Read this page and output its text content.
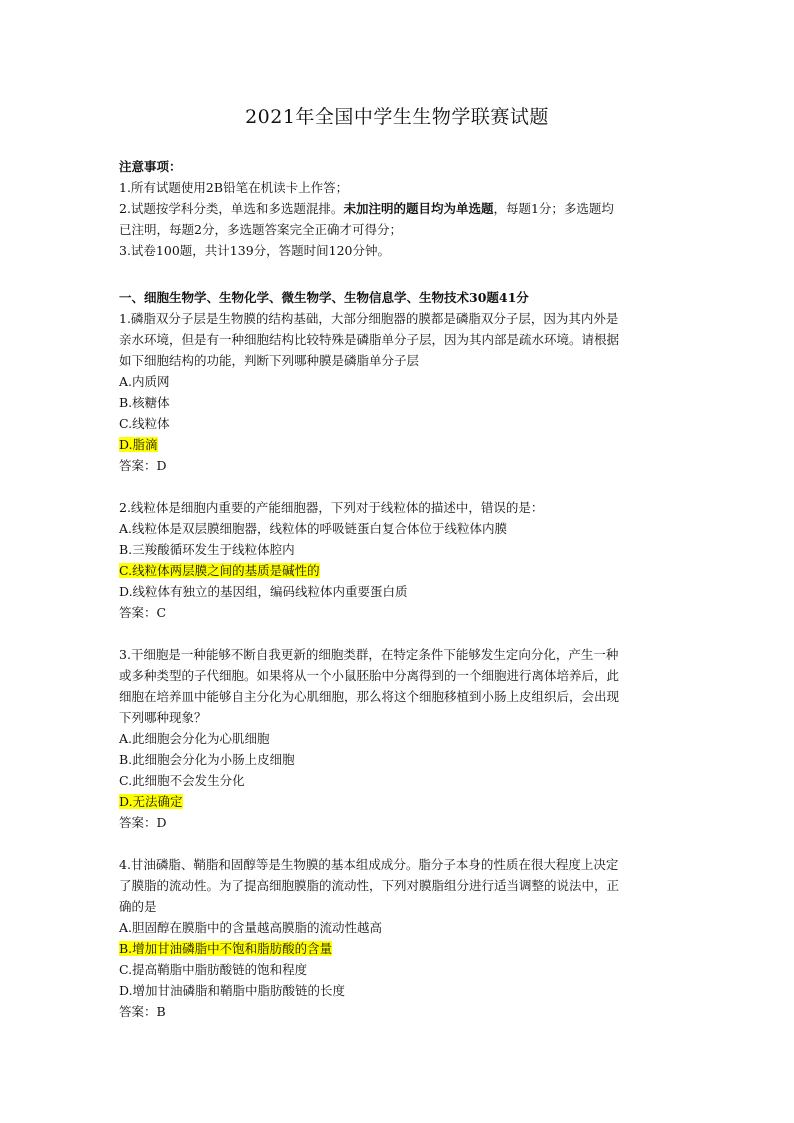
2021年全国中学生生物学联赛试题
注意事项：
1.所有试题使用2B铅笔在机读卡上作答；
2.试题按学科分类，单选和多选题混排。未加注明的题目均为单选题，每题1分；多选题均
已注明，每题2分，多选题答案完全正确才可得分；
3.试卷100题，共计139分，答题时间120分钟。
一、细胞生物学、生物化学、微生物学、生物信息学、生物技术30题41分
1.磷脂双分子层是生物膜的结构基础，大部分细胞器的膜都是磷脂双分子层，因为其内外是
亲水环境，但是有一种细胞结构比较特殊是磷脂单分子层，因为其内部是疏水环境。请根据
如下细胞结构的功能，判断下列哪种膜是磷脂单分子层
A.内质网
B.核糖体
C.线粒体
D.脂滴
答案：D
2.线粒体是细胞内重要的产能细胞器，下列对于线粒体的描述中，错误的是：
A.线粒体是双层膜细胞器，线粒体的呼吸链蛋白复合体位于线粒体内膜
B.三羧酸循环发生于线粒体腔内
C.线粒体两层膜之间的基质是碱性的
D.线粒体有独立的基因组，编码线粒体内重要蛋白质
答案：C
3.干细胞是一种能够不断自我更新的细胞类群，在特定条件下能够发生定向分化，产生一种
或多种类型的子代细胞。如果将从一个小鼠胚胎中分离得到的一个细胞进行离体培养后，此
细胞在培养皿中能够自主分化为心肌细胞，那么将这个细胞移植到小肠上皮组织后，会出现
下列哪种现象？
A.此细胞会分化为心肌细胞
B.此细胞会分化为小肠上皮细胞
C.此细胞不会发生分化
D.无法确定
答案：D
4.甘油磷脂、鞘脂和固醇等是生物膜的基本组成成分。脂分子本身的性质在很大程度上决定
了膜脂的流动性。为了提高细胞膜脂的流动性，下列对膜脂组分进行适当调整的说法中，正
确的是
A.胆固醇在膜脂中的含量越高膜脂的流动性越高
B.增加甘油磷脂中不饱和脂肪酸的含量
C.提高鞘脂中脂肪酸链的饱和程度
D.增加甘油磷脂和鞘脂中脂肪酸链的长度
答案：B
